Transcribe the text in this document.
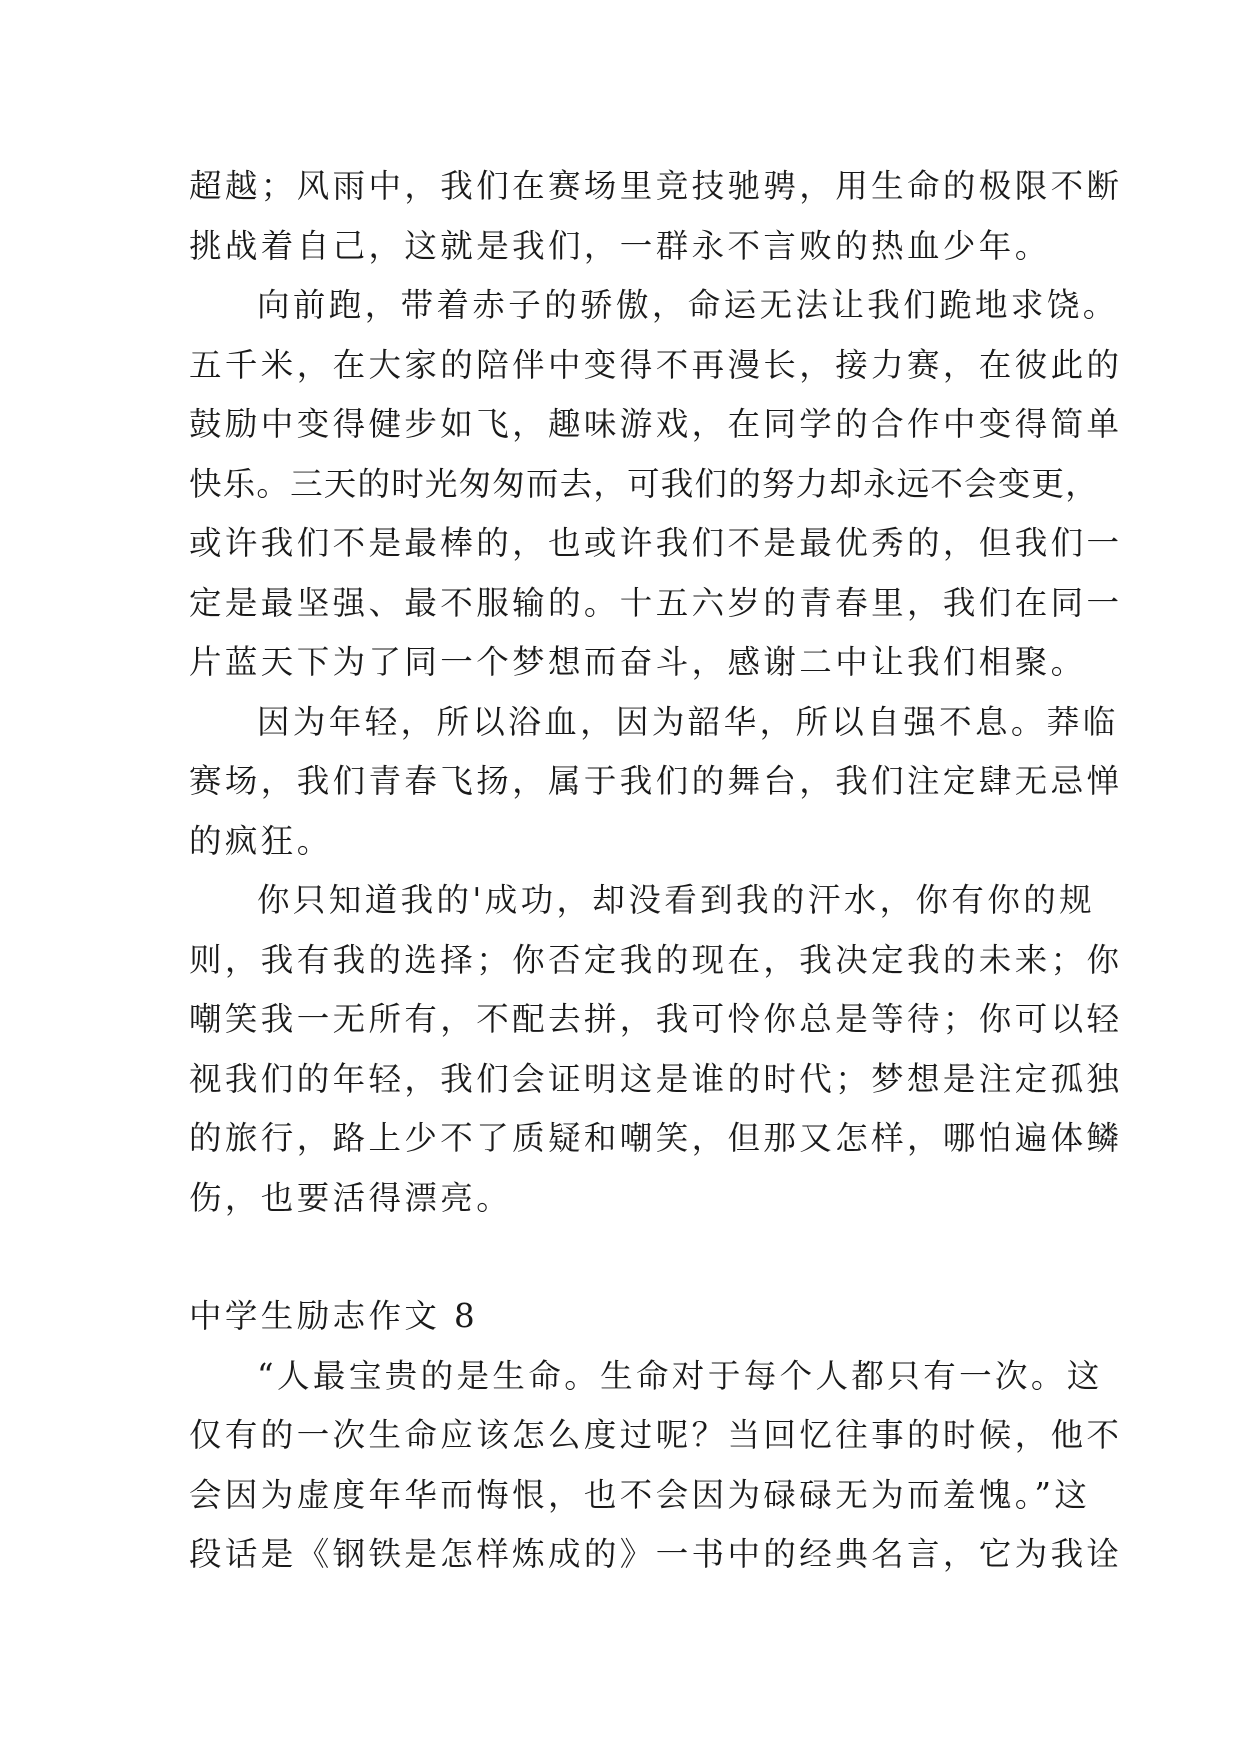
超越；风雨中，我们在赛场里竞技驰骋，用生命的极限不断
挑战着自己，这就是我们，一群永不言败的热血少年。
向前跑，带着赤子的骄傲，命运无法让我们跪地求饶。
五千米，在大家的陪伴中变得不再漫长，接力赛，在彼此的
鼓励中变得健步如飞，趣味游戏，在同学的合作中变得简单
快乐。三天的时光匆匆而去，可我们的努力却永远不会变更，
或许我们不是最棒的，也或许我们不是最优秀的，但我们一
定是最坚强、最不服输的。十五六岁的青春里，我们在同一
片蓝天下为了同一个梦想而奋斗，感谢二中让我们相聚。
因为年轻，所以浴血，因为韶华，所以自强不息。莽临
赛场，我们青春飞扬，属于我们的舞台，我们注定肆无忌惮
的疯狂。
你只知道我的'成功，却没看到我的汗水，你有你的规
则，我有我的选择；你否定我的现在，我决定我的未来；你
嘲笑我一无所有，不配去拼，我可怜你总是等待；你可以轻
视我们的年轻，我们会证明这是谁的时代；梦想是注定孤独
的旅行，路上少不了质疑和嘲笑，但那又怎样，哪怕遍体鳞
伤，也要活得漂亮。
中学生励志作文 8
“人最宝贵的是生命。生命对于每个人都只有一次。这
仅有的一次生命应该怎么度过呢？当回忆往事的时候，他不
会因为虚度年华而悔恨，也不会因为碌碌无为而羞愧。”这
段话是《钢铁是怎样炼成的》一书中的经典名言，它为我诠
